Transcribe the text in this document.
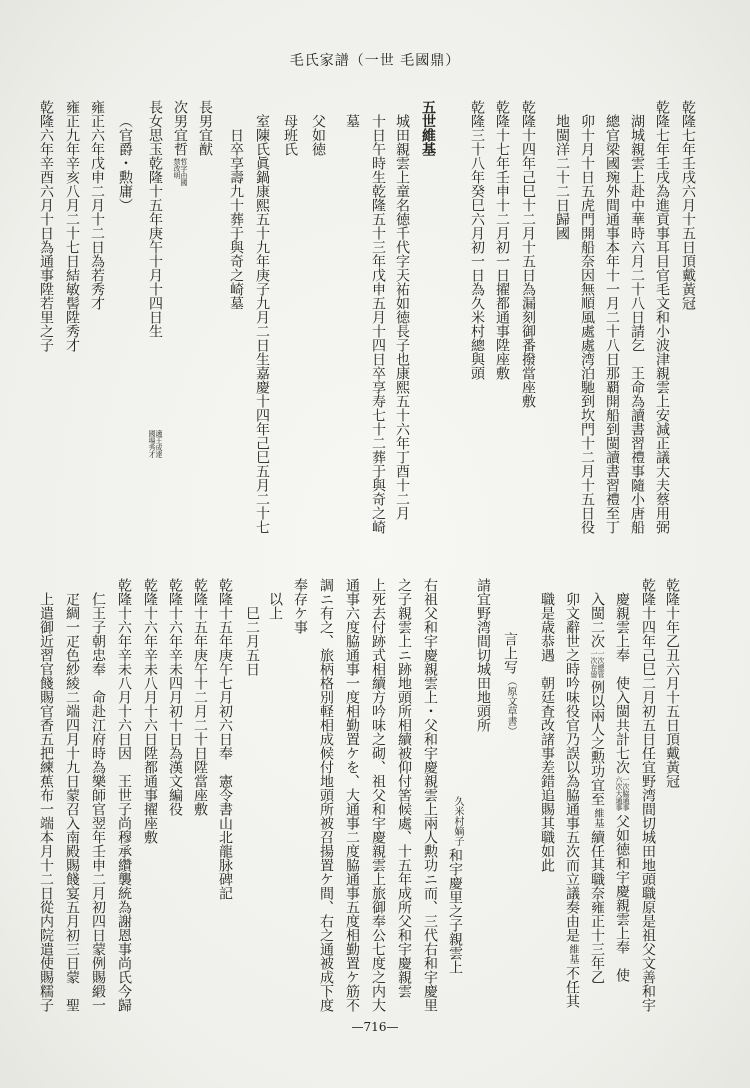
毛氏家譜（一世 毛國鼎）
乾隆七年壬戌六月十五日頂戴黃冠
乾隆七年壬戌為進貢事耳目官毛文和小波津親雲上安減正議大夫蔡用弼
湖城親雲上赴中華時六月二十八日請乞　王命為讀書習禮事隨小唐船
總官梁國琬外間通事本年十一月二十八日那覇開船到閩讀書習禮至丁
卯十月十日五虎門開船奈因無順風處處湾泊馳到坎門十二月十五日役
地閩洋二十二日歸國
乾隆十四年己巳十二月十五日為漏刻御番撥當座敷
乾隆十七年壬申十二月初一日擢都通事陞座敷
乾隆三十八年癸巳六月初一日為久米村總與頭
五世維基
城田親雲上童名徳千代字天祐如徳長子也康熙五十六年丁酉十二月
十日午時生乾隆五十三年戊申五月十四日卒享寿七十二葬于與奇之崎
墓
父如徳
母班氏
室陳氏眞鍋康熙五十九年庚子九月二日生嘉慶十四年己巳五月二十七
日卒享壽九十葬于與奇之崎墓
長男宜猷
次男宜哲
哲字由國
禁改明
長女思玉乾隆十五年庚午十月十四日生
適王成達
國場秀才
（官爵・勲庸）
雍正六年戊申二月十二日為若秀才
雍正九年辛亥八月二十七日結敏髻陞秀才
乾隆六年辛酉六月十日為通事陞若里之子
乾隆十年乙丑六月十五日頂戴黃冠
乾隆十四年己巳二月初五日任宜野湾間切城田地頭職原是祖父文善和宇
慶親雲上奉　使入閩共計七次
一次脇通事
六次大通事
父如徳和宇慶親雲上奉　使
入閩二次
一次總管
一次存留
例以兩人之勲功宜至
維基
續任其職奈雍正十三年乙
卯文辭世之時吟味役官乃誤以為脇通事五次而立議奏由是
維基
不任其
職是歳恭遇　朝廷査改諸事差錯追賜其職如此
言上写
（原文草書）
請宜野湾間切城田地頭所
久米村嫡子
和宇慶里之子親雲上
右祖父和宇慶親雲上・父和宇慶親雲上兩人勲功ニ而、三代右和宇慶里
之子親雲上ニ跡地頭所相續被仰付筈候處、十五年成所父和宇慶親雲
上死去付跡式相續方吟味之砌、祖父和宇慶親雲上旅御奉公七度之内大
通事六度脇通事一度相勤置ケを、大通事二度脇通事五度相勤置ケ筋不
調ニ有之、旅柄格別軽相成候付地頭所被召揚置ケ間、右之通被成下度
奉存ケ事
以上
巳二月五日
乾隆十五年庚午七月初六日奉　憲令書山北龍脉碑記
乾隆十五年庚午十二月二十日陞當座敷
乾隆十六年辛未四月初十日為漢文編役
乾隆十六年辛未八月十六日陞都通事擢座敷
乾隆十六年辛未八月十六日因　王世子尚穆承纘襲統為謝恩事尚氏今歸
仁王子朝忠奉　命赴江府時為樂師官翌年壬申二月初四日蒙例賜緞一
疋綢一疋色紗綾二端四月十九日蒙召入南殿賜餞宴五月初三日蒙　聖
上遣御近習官餞賜官香五把練蕉布一端本月十二日從内院遣使賜糯子
—716—
